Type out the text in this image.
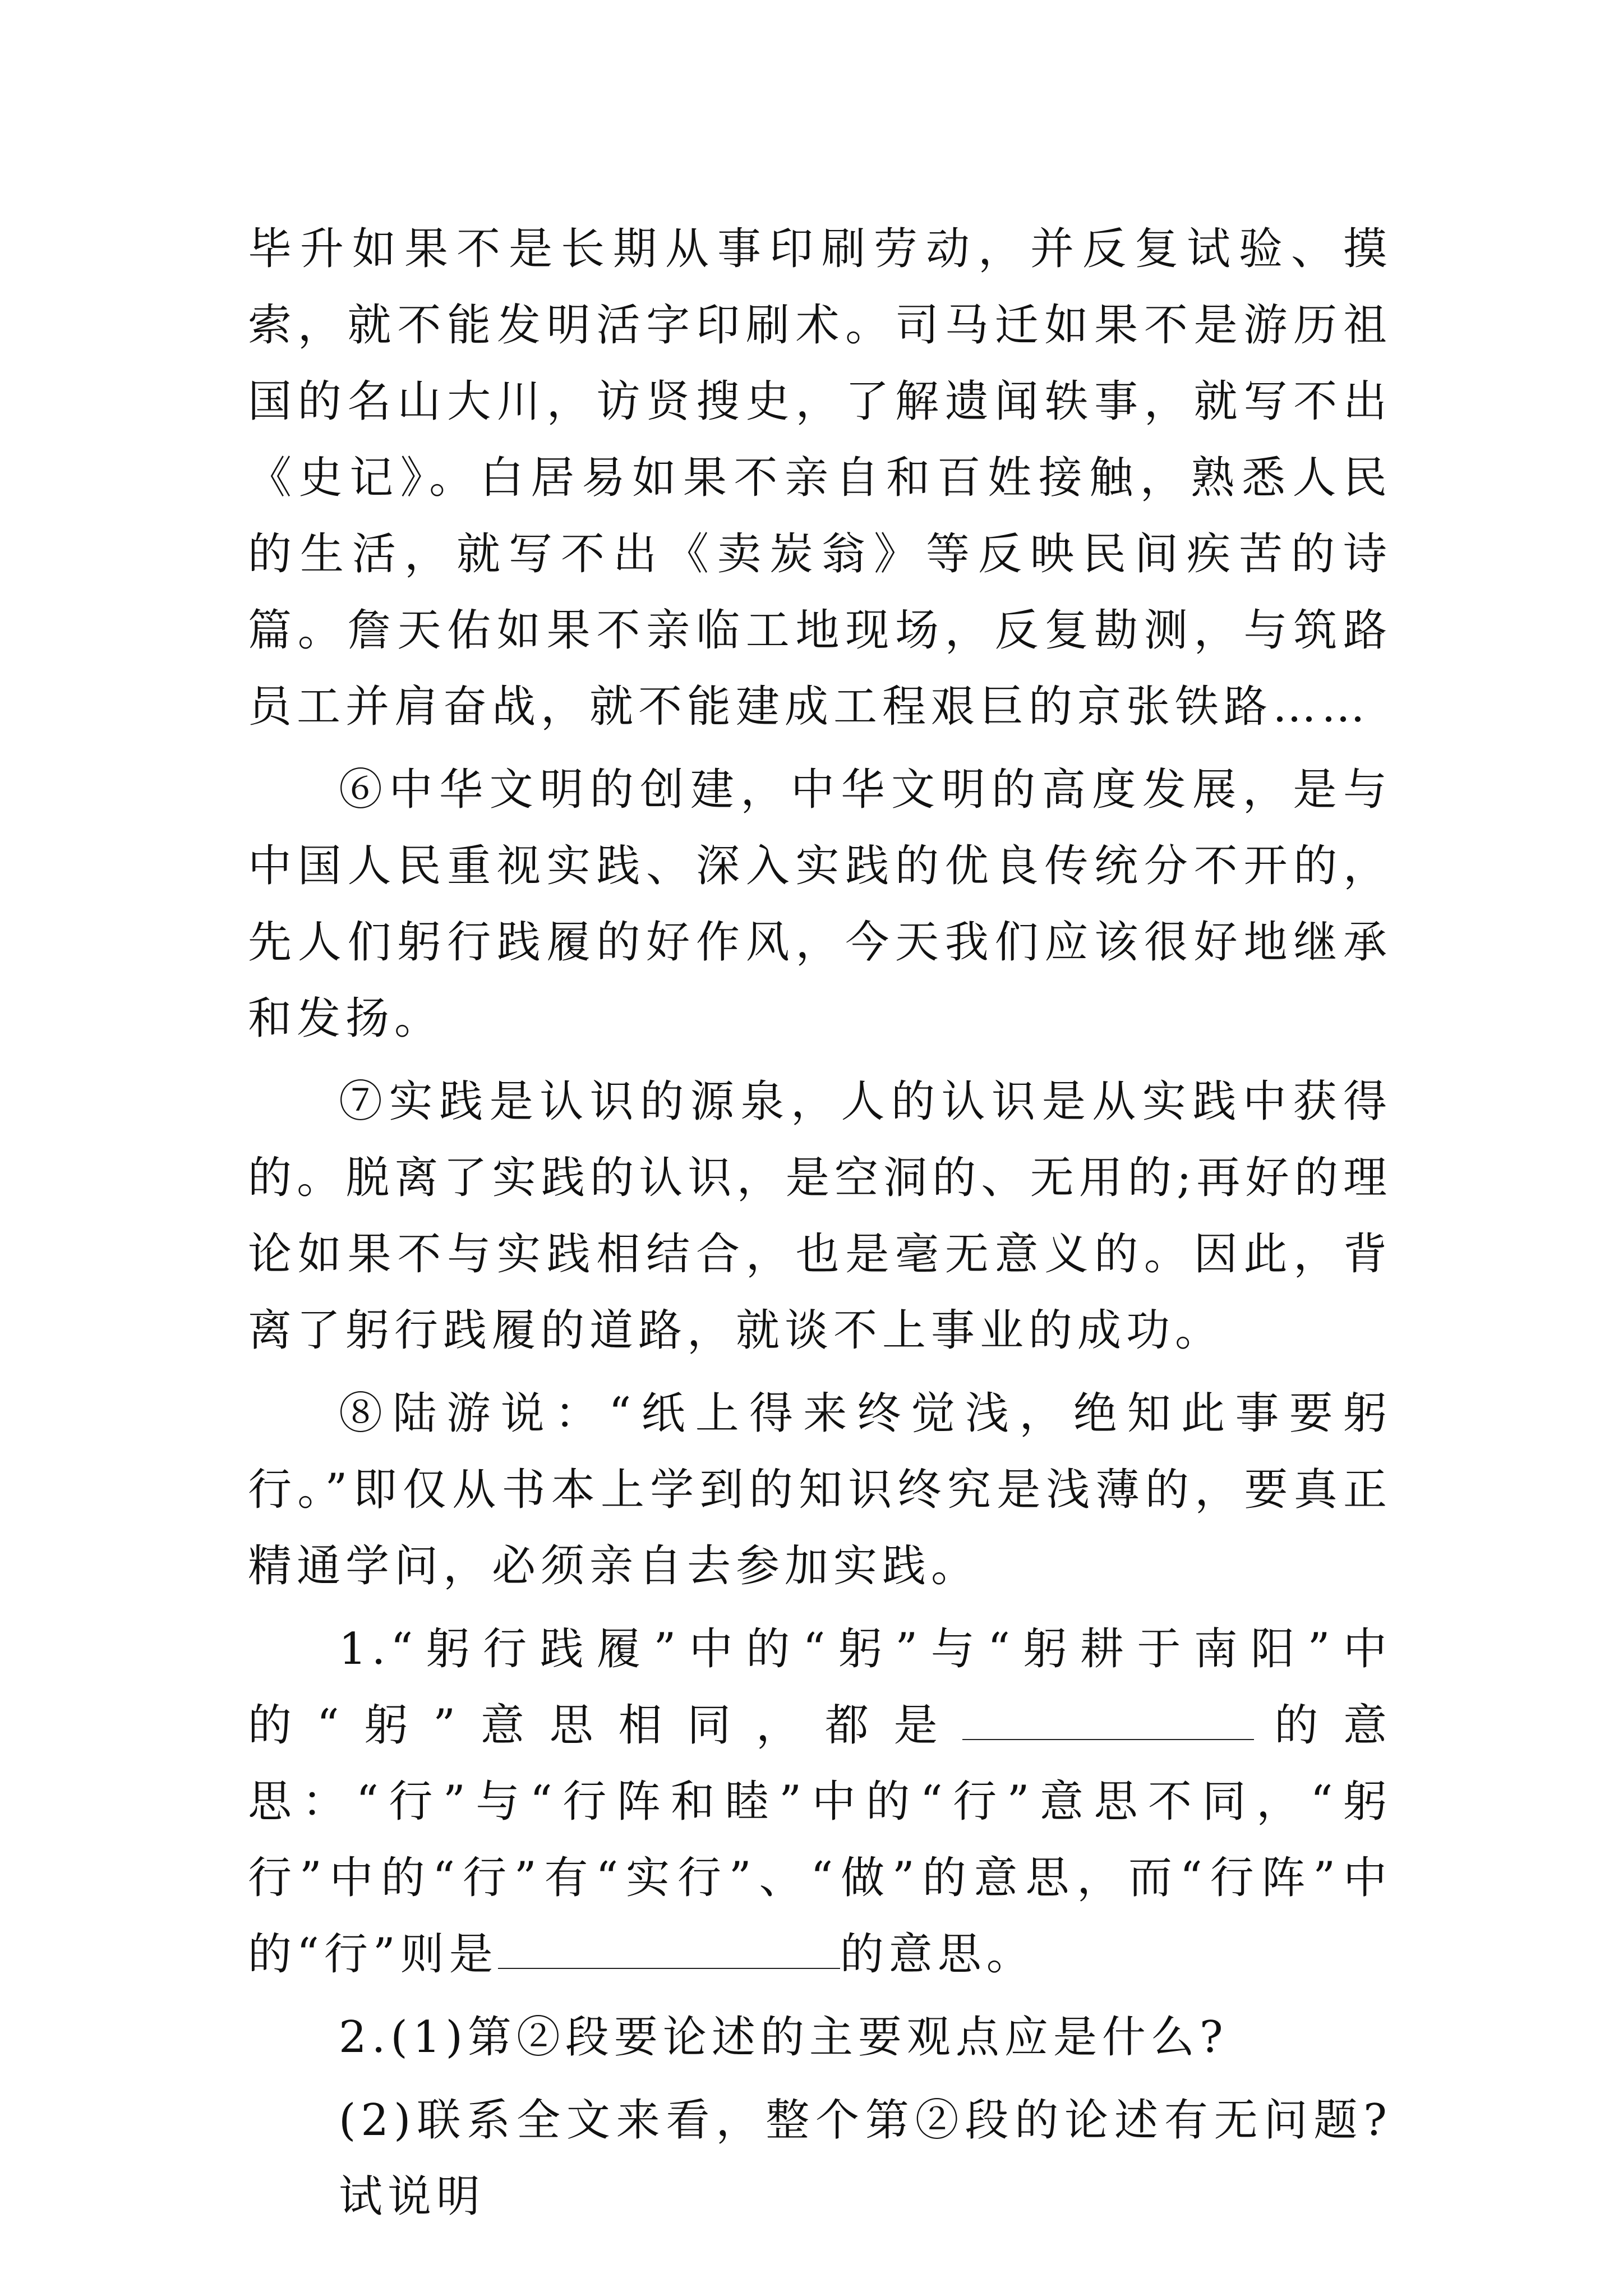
毕升如果不是长期从事印刷劳动，并反复试验、摸索，就不能发明活字印刷术。司马迁如果不是游历祖国的名山大川，访贤搜史，了解遗闻轶事，就写不出《史记》。白居易如果不亲自和百姓接触，熟悉人民的生活，就写不出《卖炭翁》等反映民间疾苦的诗篇。詹天佑如果不亲临工地现场，反复勘测，与筑路员工并肩奋战，就不能建成工程艰巨的京张铁路……

⑥中华文明的创建，中华文明的高度发展，是与中国人民重视实践、深入实践的优良传统分不开的，先人们躬行践履的好作风，今天我们应该很好地继承和发扬。

⑦实践是认识的源泉，人的认识是从实践中获得的。脱离了实践的认识，是空洞的、无用的;再好的理论如果不与实践相结合，也是毫无意义的。因此，背离了躬行践履的道路，就谈不上事业的成功。

⑧陆游说：“纸上得来终觉浅，绝知此事要躬行。”即仅从书本上学到的知识终究是浅薄的，要真正精通学问，必须亲自去参加实践。

1.“躬行践履”中的“躬”与“躬耕于南阳”中的“躬”意思相同，都是	的意思：“行”与“行阵和睦”中的“行”意思不同，“躬行”中的“行”有“实行”、“做”的意思，而“行阵”中的“行”则是	的意思。

2.(1)第②段要论述的主要观点应是什么?

(2)联系全文来看，整个第②段的论述有无问题?试说明
